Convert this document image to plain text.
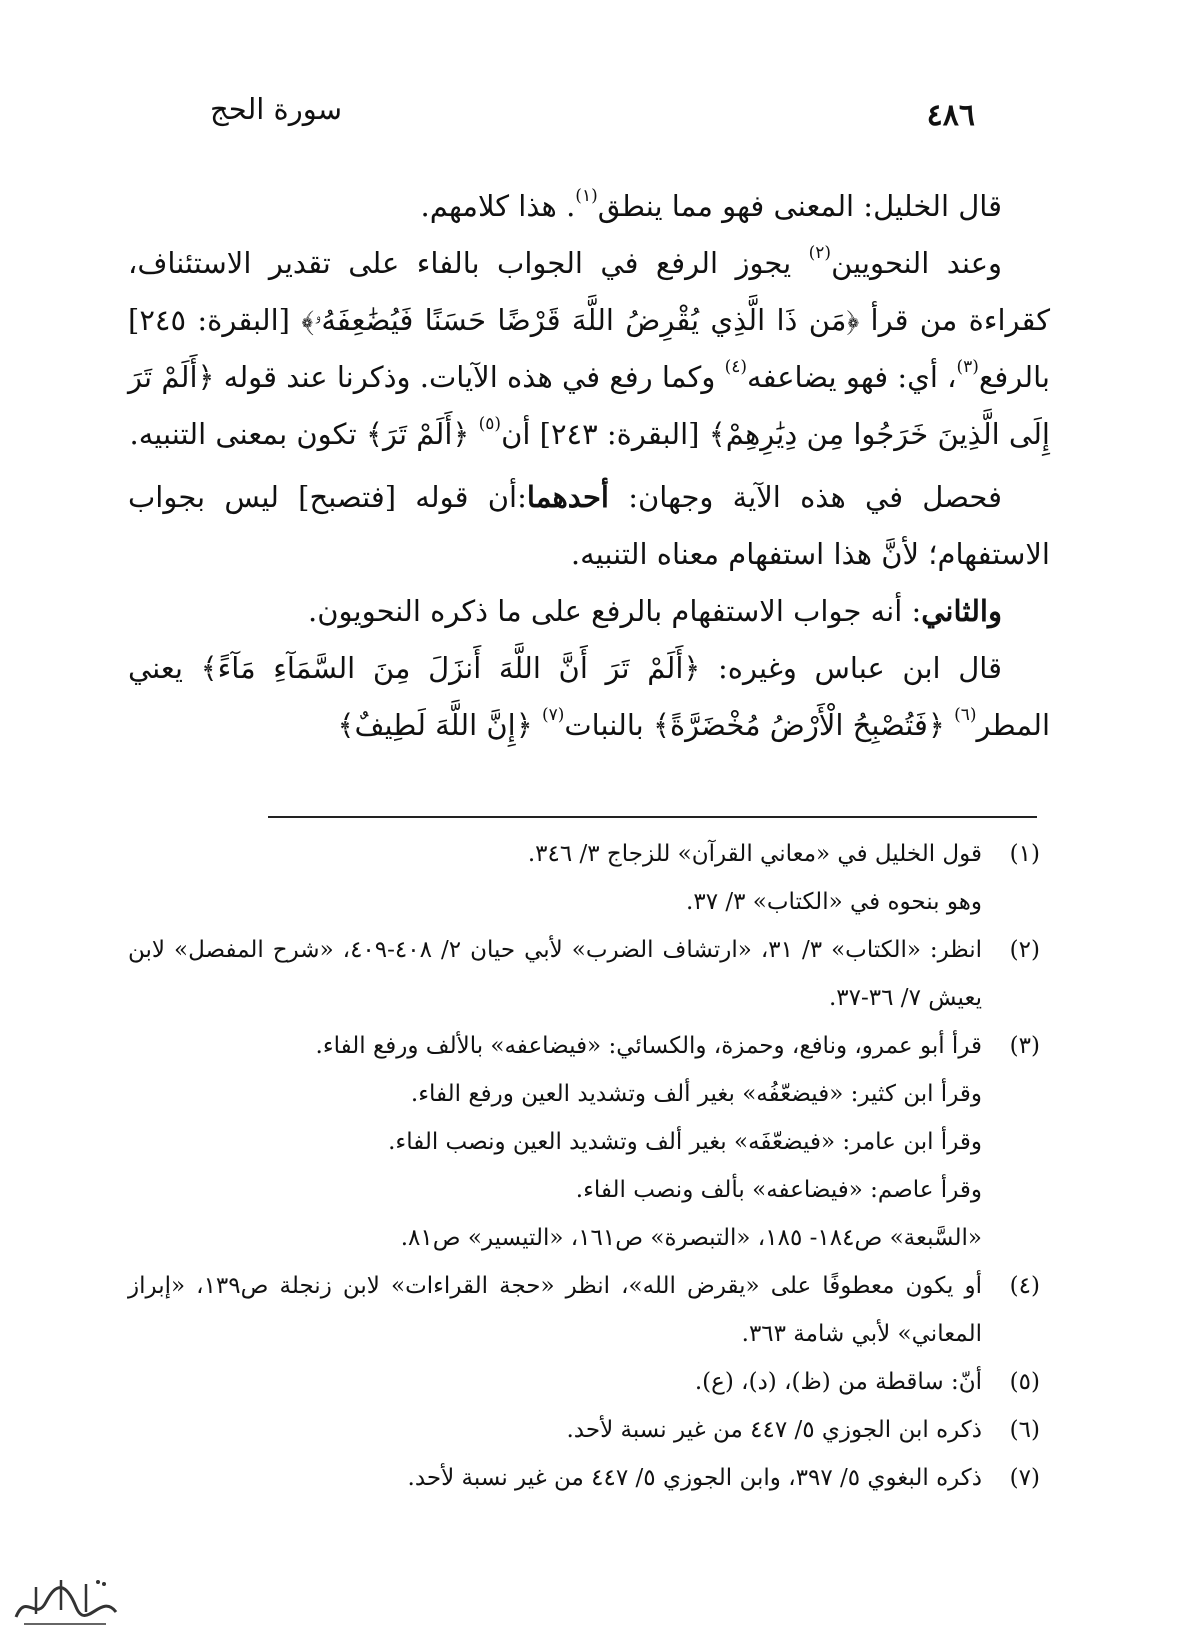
٤٨٦
سورة الحج

قال الخليل: المعنى فهو مما ينطق$^{(١)}$. هذا كلامهم.

وعند النحويين$^{(٢)}$ يجوز الرفع في الجواب بالفاء على تقدير الاستئناف، كقراءة من قرأ ﴿مَن ذَا الَّذِي يُقْرِضُ اللَّهَ قَرْضًا حَسَنًا فَيُضَٰعِفَهُۥ﴾ [البقرة: ٢٤٥] بالرفع$^{(٣)}$، أي: فهو يضاعفه$^{(٤)}$ وكما رفع في هذه الآيات. وذكرنا عند قوله ﴿أَلَمْ تَرَ إِلَى الَّذِينَ خَرَجُوا مِن دِيَٰرِهِمْ﴾ [البقرة: ٢٤٣] أن$^{(٥)}$ ﴿أَلَمْ تَرَ﴾ تكون بمعنى التنبيه.

فحصل في هذه الآية وجهان: أحدهما:أن قوله [فتصبح] ليس بجواب الاستفهام؛ لأنَّ هذا استفهام معناه التنبيه.

والثاني: أنه جواب الاستفهام بالرفع على ما ذكره النحويون.

قال ابن عباس وغيره: ﴿أَلَمْ تَرَ أَنَّ اللَّهَ أَنزَلَ مِنَ السَّمَآءِ مَآءً﴾ يعني المطر$^{(٦)}$ ﴿فَتُصْبِحُ الْأَرْضُ مُخْضَرَّةً﴾ بالنبات$^{(٧)}$ ﴿إِنَّ اللَّهَ لَطِيفٌ﴾

(١)
قول الخليل في «معاني القرآن» للزجاج ٣/ ٣٤٦.
وهو بنحوه في «الكتاب» ٣/ ٣٧.
(٢)
انظر: «الكتاب» ٣/ ٣١، «ارتشاف الضرب» لأبي حيان ٢/ ٤٠٨-٤٠٩، «شرح المفصل» لابن يعيش ٧/ ٣٦-٣٧.
(٣)
قرأ أبو عمرو، ونافع، وحمزة، والكسائي: «فيضاعفه» بالألف ورفع الفاء.
وقرأ ابن كثير: «فيضعّفُه» بغير ألف وتشديد العين ورفع الفاء.
وقرأ ابن عامر: «فيضعّفَه» بغير ألف وتشديد العين ونصب الفاء.
وقرأ عاصم: «فيضاعفه» بألف ونصب الفاء.
«السَّبعة» ص١٨٤- ١٨٥، «التبصرة» ص١٦١، «التيسير» ص٨١.
(٤)
أو يكون معطوفًا على «يقرض الله»، انظر «حجة القراءات» لابن زنجلة ص١٣٩، «إبراز المعاني» لأبي شامة ٣٦٣.
(٥)
أنّ: ساقطة من (ظ)، (د)، (ع).
(٦)
ذكره ابن الجوزي ٥/ ٤٤٧ من غير نسبة لأحد.
(٧)
ذكره البغوي ٥/ ٣٩٧، وابن الجوزي ٥/ ٤٤٧ من غير نسبة لأحد.
